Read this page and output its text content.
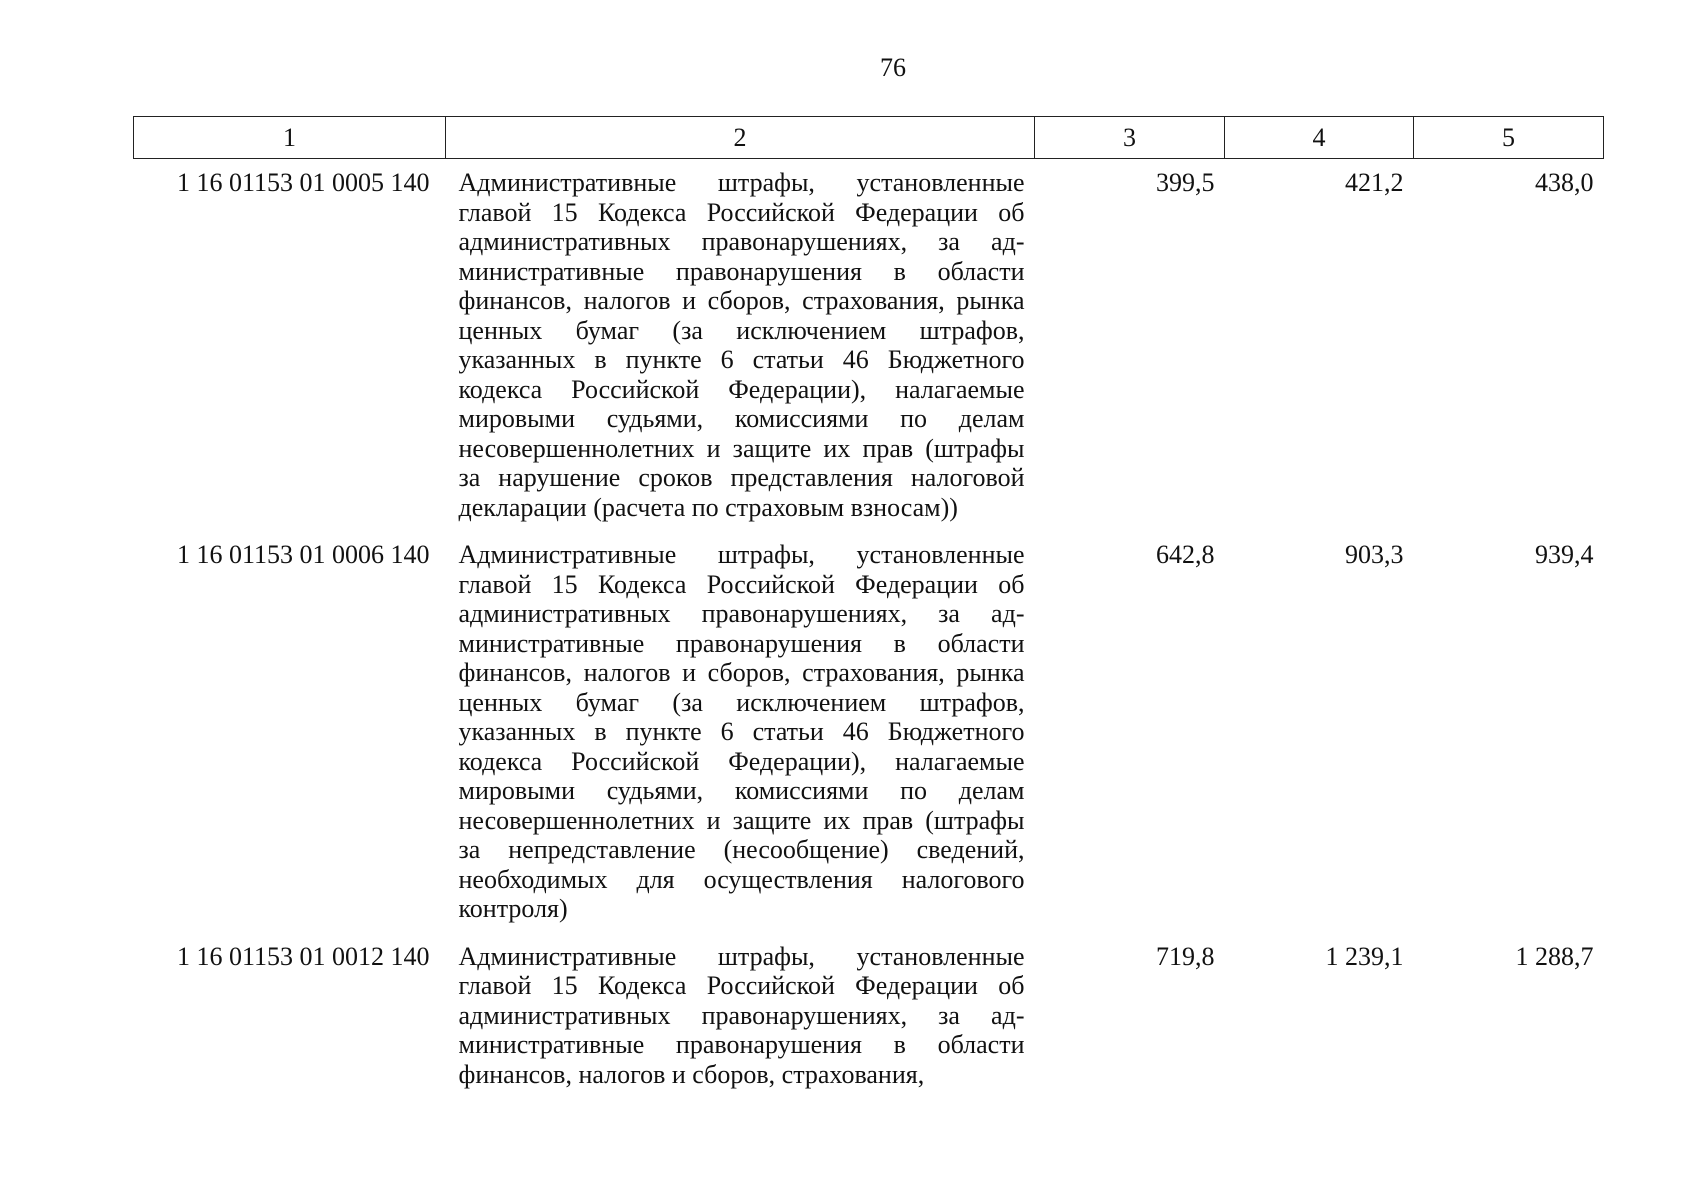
76
1	2	3	4	5
1 16 01153 01 0005 140	Административные штрафы, установленные главой 15 Кодекса Российской Федерации об административных правонарушениях, за административные правонарушения в области финансов, налогов и сборов, страхования, рынка ценных бумаг (за исключением штрафов, указанных в пункте 6 статьи 46 Бюджетного кодекса Российской Федерации), налагаемые мировыми судьями, комиссиями по делам несовершеннолетних и защите их прав (штрафы за нарушение сроков представления налоговой декларации (расчета по страховым взносам))	399,5	421,2	438,0
1 16 01153 01 0006 140	Административные штрафы, установленные главой 15 Кодекса Российской Федерации об административных правонарушениях, за административные правонарушения в области финансов, налогов и сборов, страхования, рынка ценных бумаг (за исключением штрафов, указанных в пункте 6 статьи 46 Бюджетного кодекса Российской Федерации), налагаемые мировыми судьями, комиссиями по делам несовершеннолетних и защите их прав (штрафы за непредставление (несообщение) сведений, необходимых для осуществления налогового контроля)	642,8	903,3	939,4
1 16 01153 01 0012 140	Административные штрафы, установленные главой 15 Кодекса Российской Федерации об административных правонарушениях, за административные правонарушения в области финансов, налогов и сборов, страхования,	719,8	1 239,1	1 288,7
